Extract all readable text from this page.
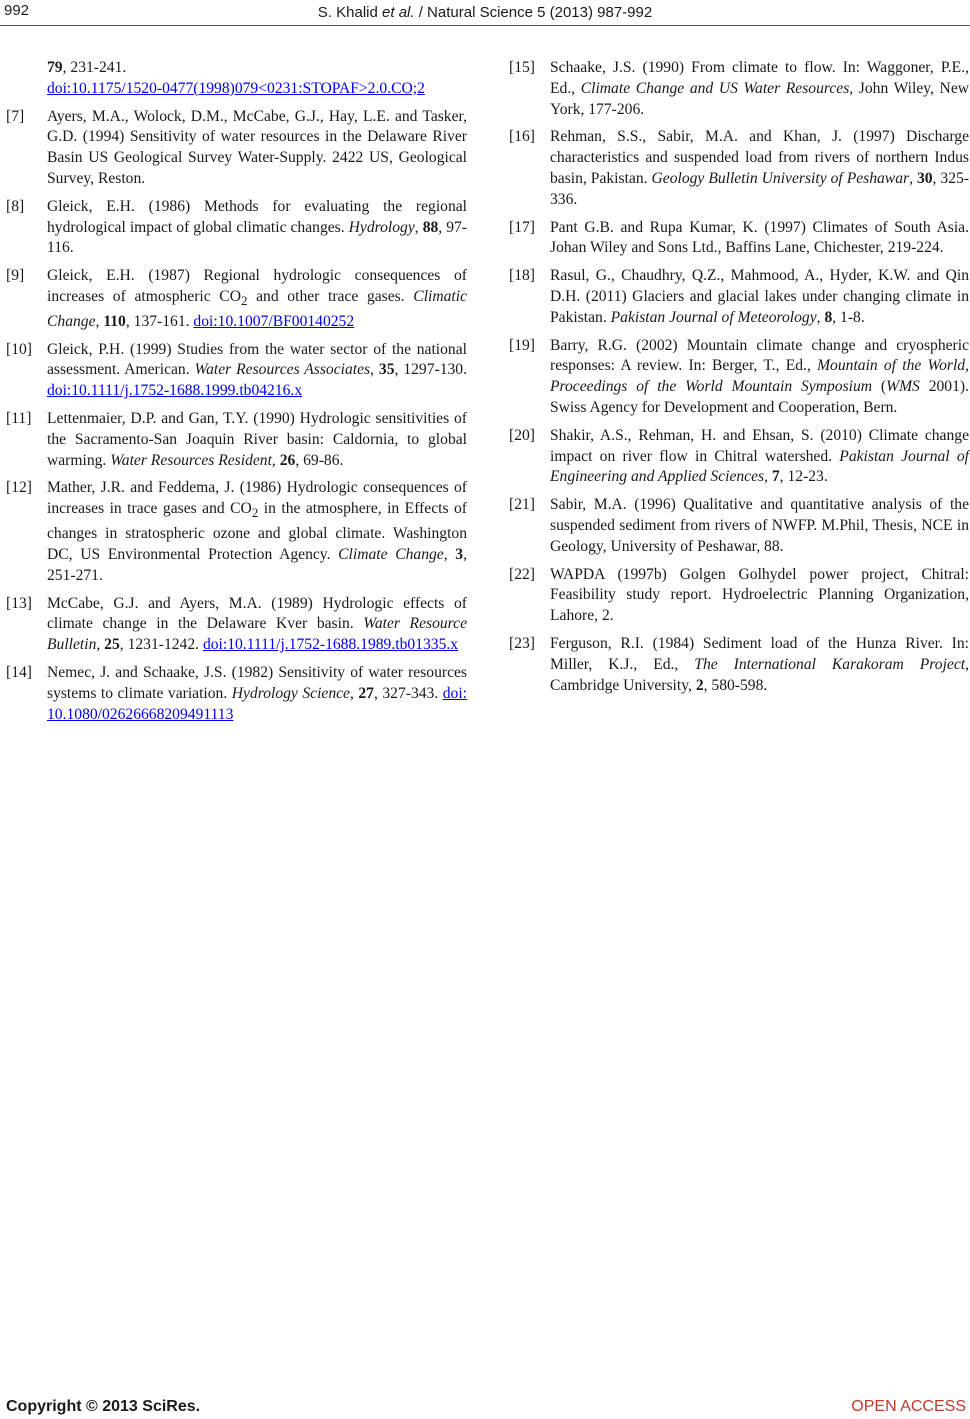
992	S. Khalid et al. / Natural Science 5 (2013) 987-992
79, 231-241.
doi:10.1175/1520-0477(1998)079<0231:STOPAF>2.0.CO;2
[7] Ayers, M.A., Wolock, D.M., McCabe, G.J., Hay, L.E. and Tasker, G.D. (1994) Sensitivity of water resources in the Delaware River Basin US Geological Survey Water-Supply. 2422 US, Geological Survey, Reston.
[8] Gleick, E.H. (1986) Methods for evaluating the regional hydrological impact of global climatic changes. Hydrology, 88, 97-116.
[9] Gleick, E.H. (1987) Regional hydrologic consequences of increases of atmospheric $CO_2$ and other trace gases. Climatic Change, 110, 137-161. doi:10.1007/BF00140252
[10] Gleick, P.H. (1999) Studies from the water sector of the national assessment. American. Water Resources Associates, 35, 1297-130. doi:10.1111/j.1752-1688.1999.tb04216.x
[11] Lettenmaier, D.P. and Gan, T.Y. (1990) Hydrologic sensitivities of the Sacramento-San Joaquin River basin: Caldornia, to global warming. Water Resources Resident, 26, 69-86.
[12] Mather, J.R. and Feddema, J. (1986) Hydrologic consequences of increases in trace gases and $CO_2$ in the atmosphere, in Effects of changes in stratospheric ozone and global climate. Washington DC, US Environmental Protection Agency. Climate Change, 3, 251-271.
[13] McCabe, G.J. and Ayers, M.A. (1989) Hydrologic effects of climate change in the Delaware Kver basin. Water Resource Bulletin, 25, 1231-1242. doi:10.1111/j.1752-1688.1989.tb01335.x
[14] Nemec, J. and Schaake, J.S. (1982) Sensitivity of water resources systems to climate variation. Hydrology Science, 27, 327-343. doi:10.1080/02626668209491113
[15] Schaake, J.S. (1990) From climate to flow. In: Waggoner, P.E., Ed., Climate Change and US Water Resources, John Wiley, New York, 177-206.
[16] Rehman, S.S., Sabir, M.A. and Khan, J. (1997) Discharge characteristics and suspended load from rivers of northern Indus basin, Pakistan. Geology Bulletin University of Peshawar, 30, 325-336.
[17] Pant G.B. and Rupa Kumar, K. (1997) Climates of South Asia. Johan Wiley and Sons Ltd., Baffins Lane, Chichester, 219-224.
[18] Rasul, G., Chaudhry, Q.Z., Mahmood, A., Hyder, K.W. and Qin D.H. (2011) Glaciers and glacial lakes under changing climate in Pakistan. Pakistan Journal of Meteorology, 8, 1-8.
[19] Barry, R.G. (2002) Mountain climate change and cryospheric responses: A review. In: Berger, T., Ed., Mountain of the World, Proceedings of the World Mountain Symposium (WMS 2001). Swiss Agency for Development and Cooperation, Bern.
[20] Shakir, A.S., Rehman, H. and Ehsan, S. (2010) Climate change impact on river flow in Chitral watershed. Pakistan Journal of Engineering and Applied Sciences, 7, 12-23.
[21] Sabir, M.A. (1996) Qualitative and quantitative analysis of the suspended sediment from rivers of NWFP. M.Phil, Thesis, NCE in Geology, University of Peshawar, 88.
[22] WAPDA (1997b) Golgen Golhydel power project, Chitral: Feasibility study report. Hydroelectric Planning Organization, Lahore, 2.
[23] Ferguson, R.I. (1984) Sediment load of the Hunza River. In: Miller, K.J., Ed., The International Karakoram Project, Cambridge University, 2, 580-598.
Copyright © 2013 SciRes.	OPEN ACCESS
